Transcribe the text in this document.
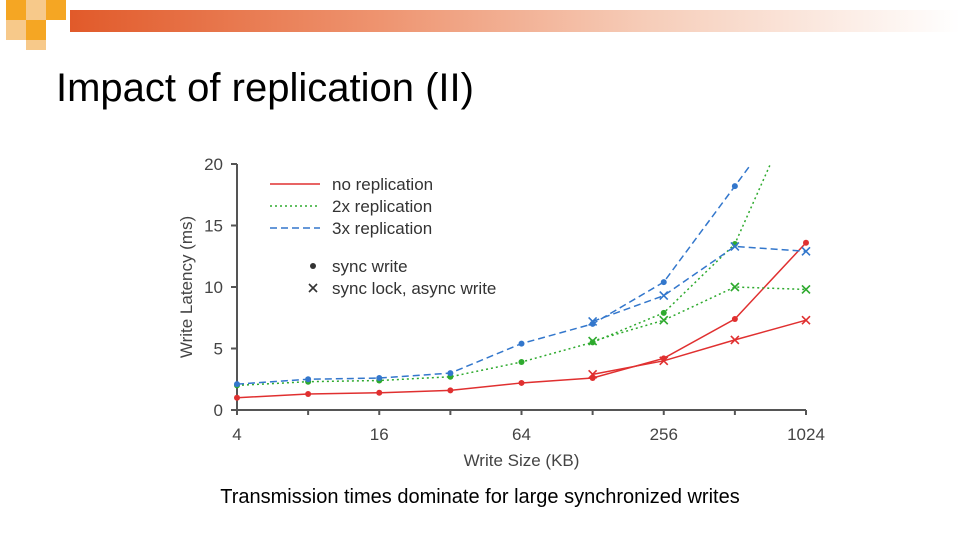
Impact of replication (II)
0
5
10
15
20
4	16	64	256	1024
Write Size (KB)
Write Latency (ms)
no replication
2x replication
3x replication
sync write
sync lock, async write
Transmission times dominate for large synchronized writes
